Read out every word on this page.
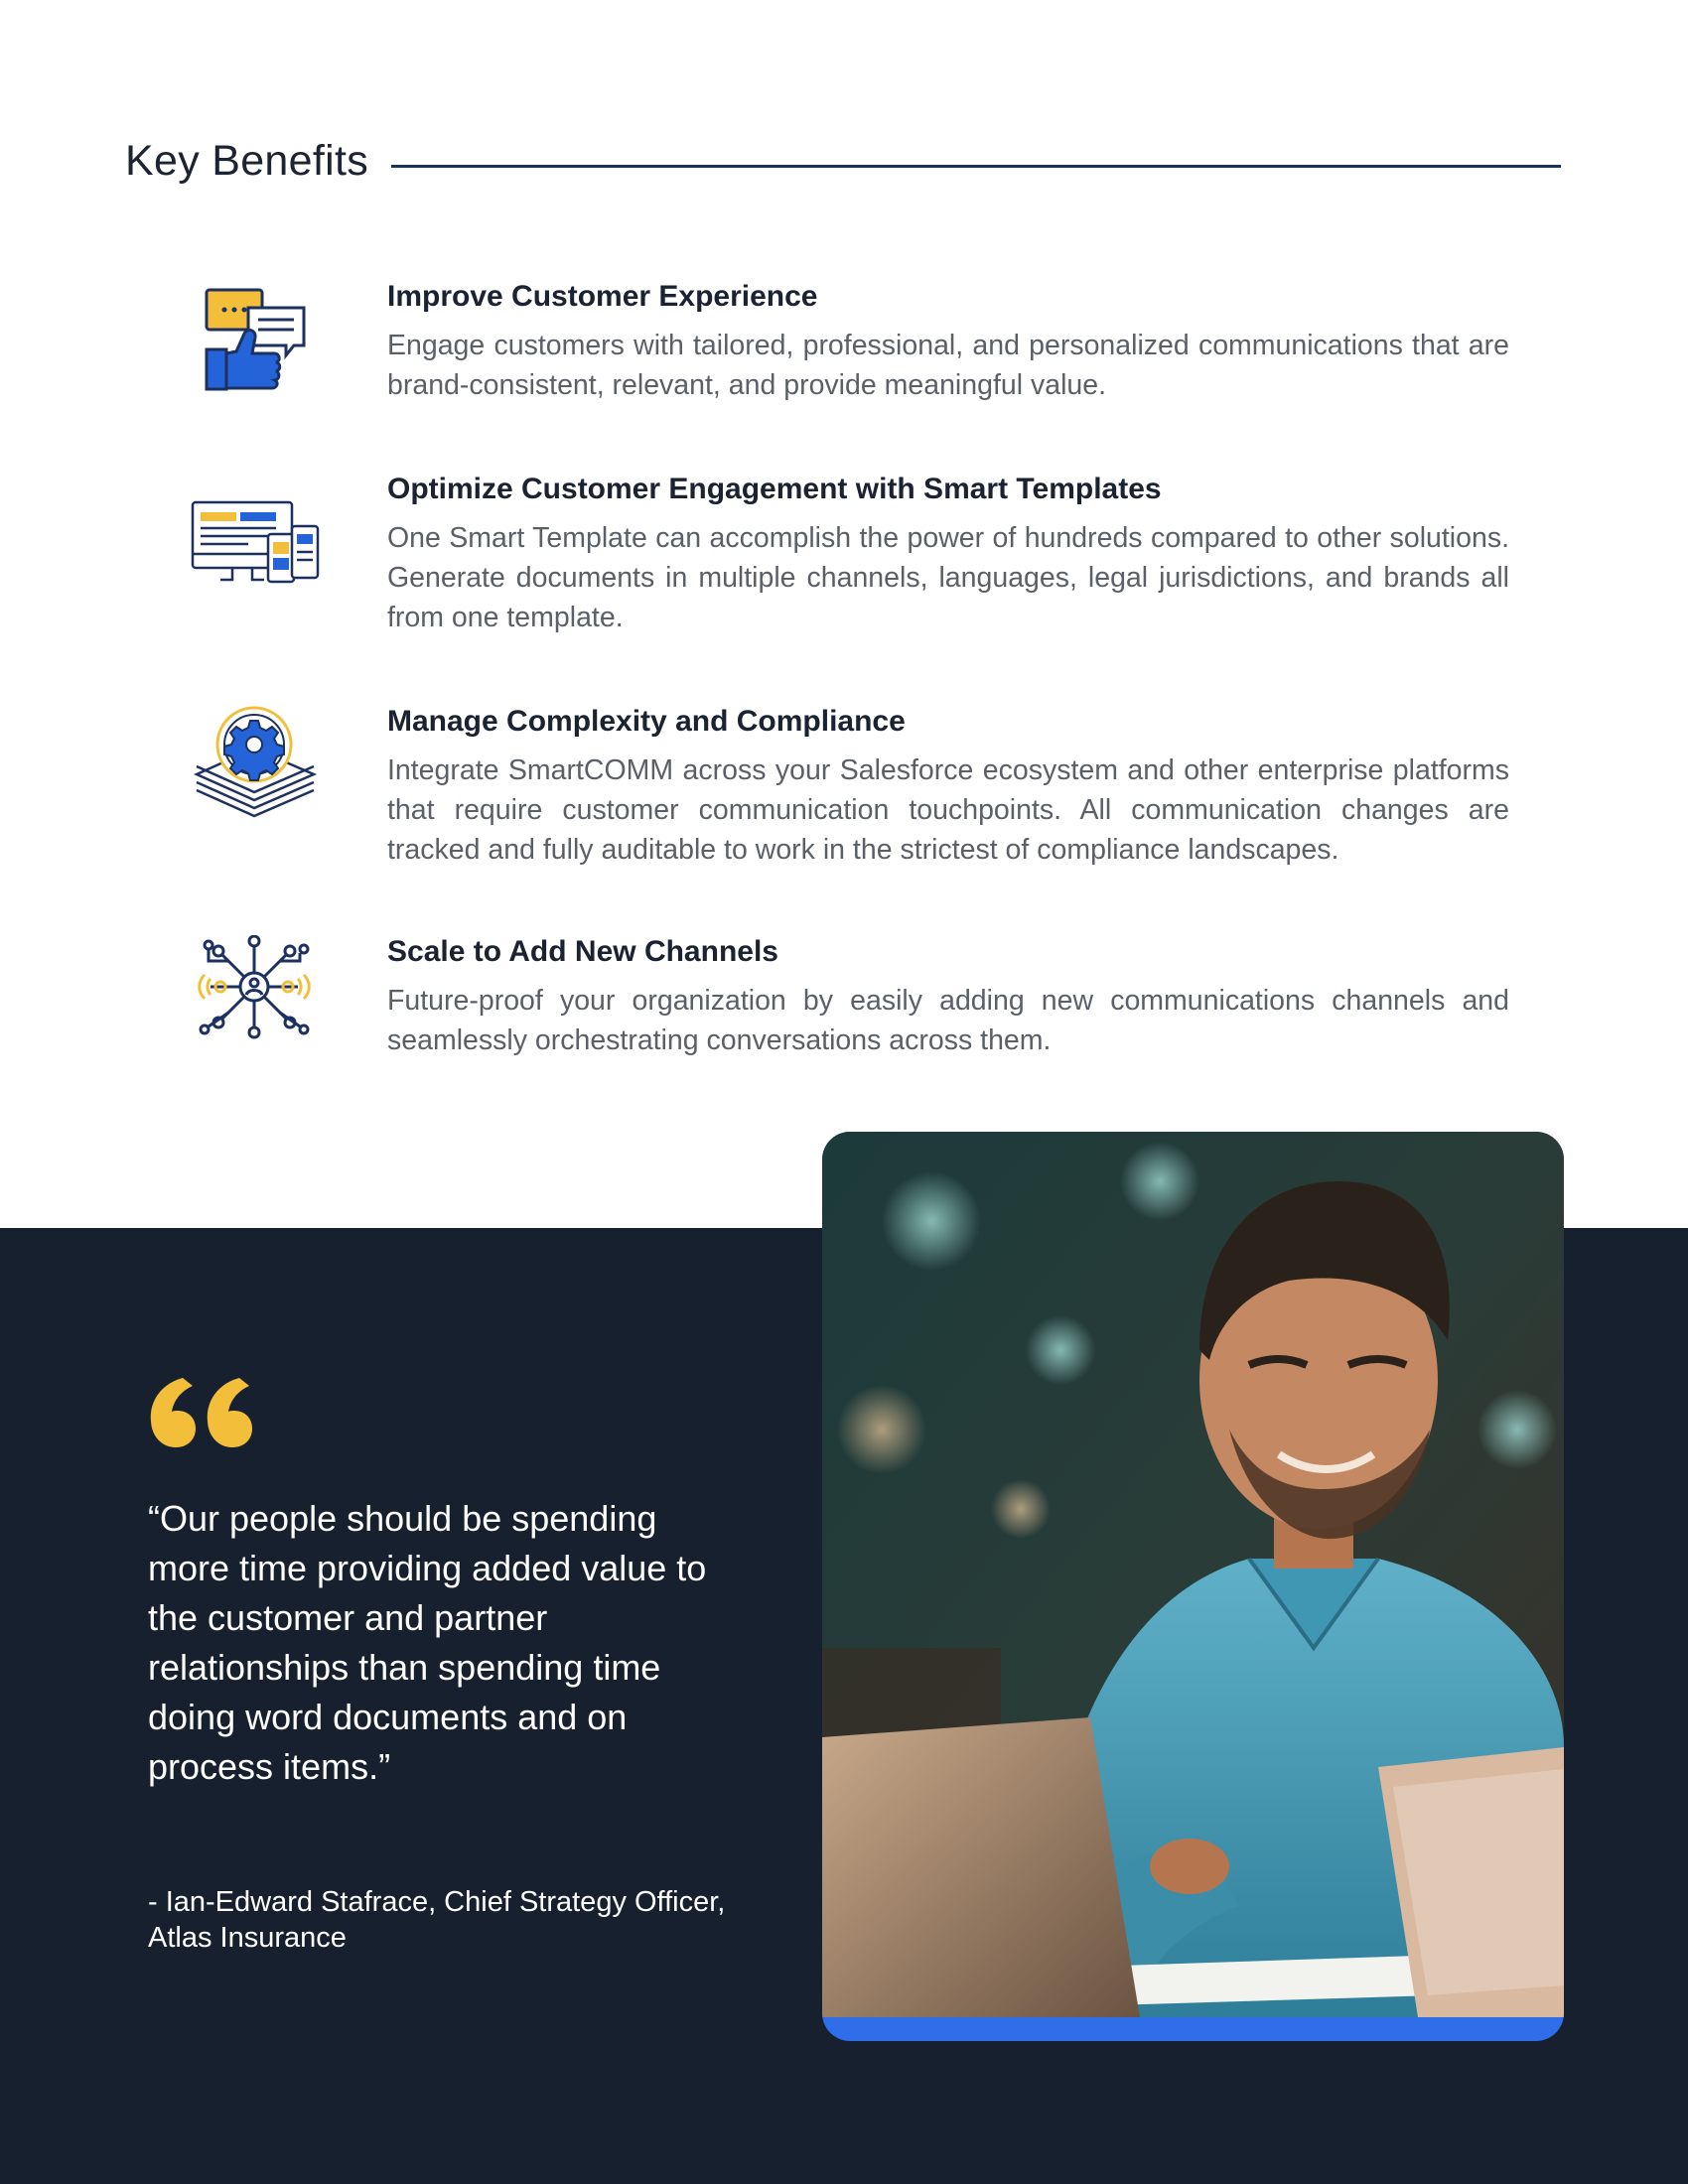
Key Benefits
Improve Customer Experience

Engage customers with tailored, professional, and personalized communications that are brand-consistent, relevant, and provide meaningful value.

Optimize Customer Engagement with Smart Templates

One Smart Template can accomplish the power of hundreds compared to other solutions. Generate documents in multiple channels, languages, legal jurisdictions, and brands all from one template.

Manage Complexity and Compliance

Integrate SmartCOMM across your Salesforce ecosystem and other enterprise platforms that require customer communication touchpoints. All communication changes are tracked and fully auditable to work in the strictest of compliance landscapes.

Scale to Add New Channels

Future-proof your organization by easily adding new communications channels and seamlessly orchestrating conversations across them.

“Our people should be spending more time providing added value to the customer and partner relationships than spending time doing word documents and on process items.”

- Ian-Edward Stafrace, Chief Strategy Officer,
Atlas Insurance
